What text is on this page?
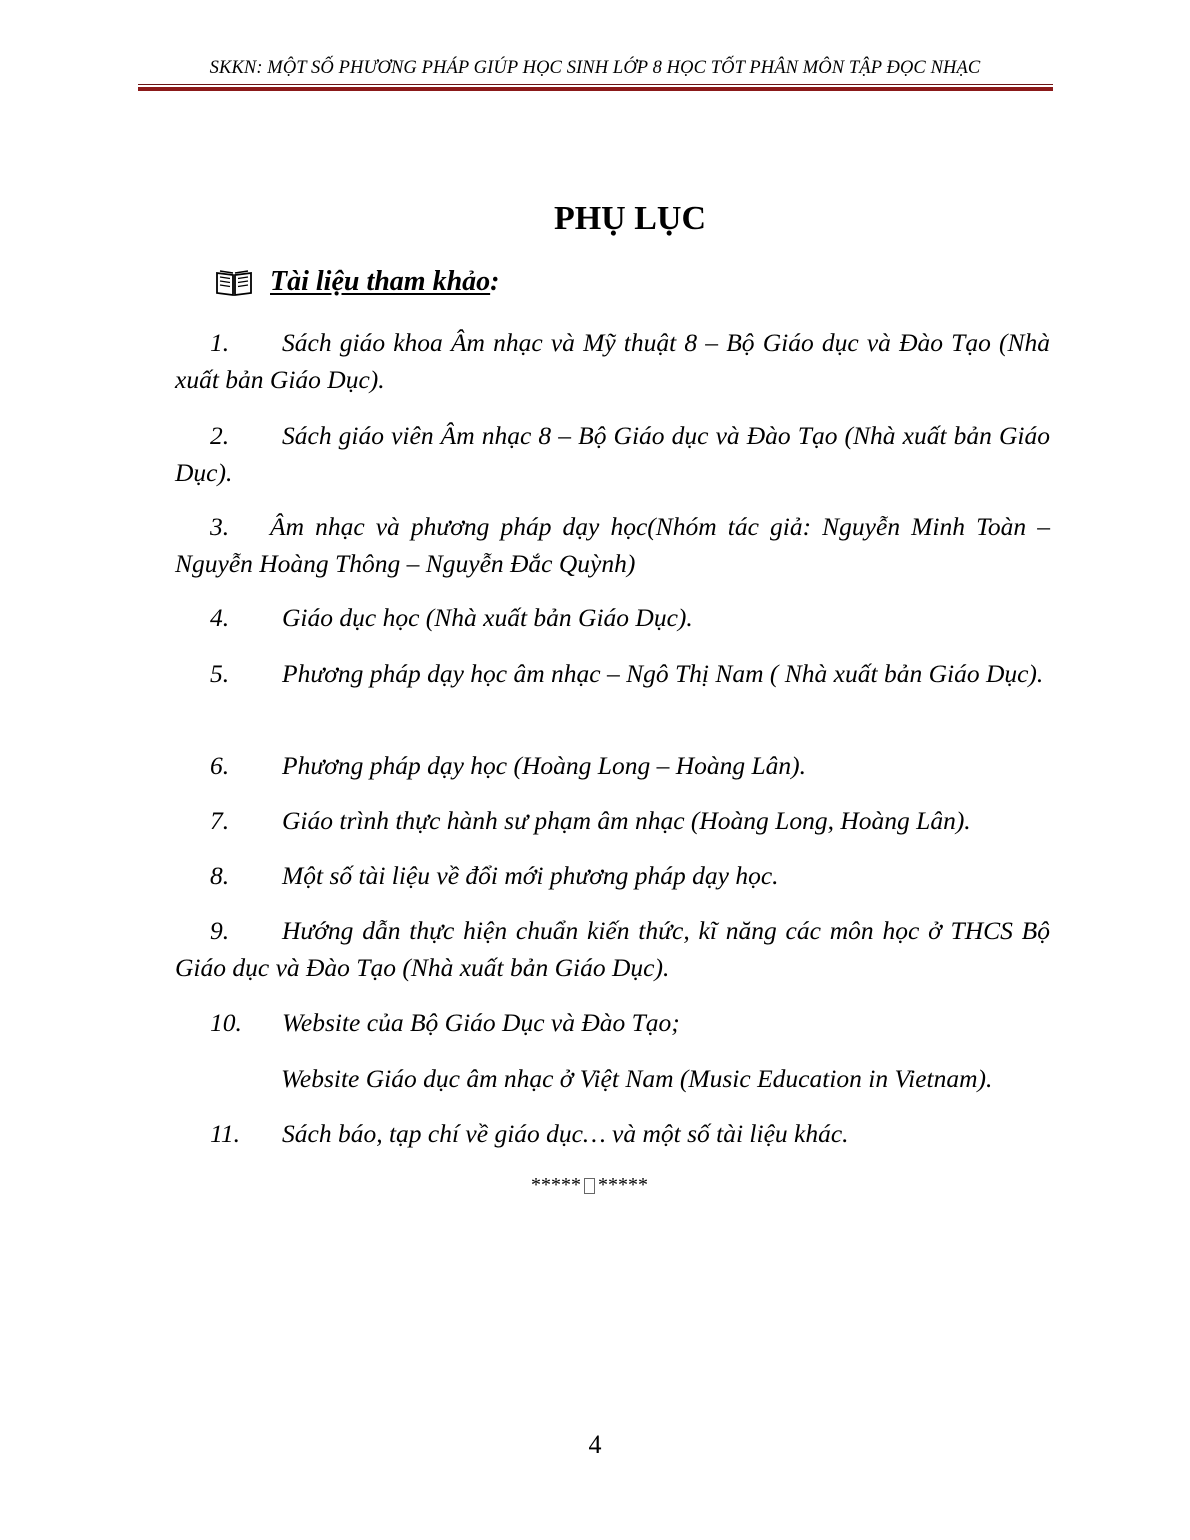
SKKN: MỘT SỐ PHƯƠNG PHÁP GIÚP HỌC SINH LỚP 8 HỌC TỐT PHÂN MÔN TẬP ĐỌC NHẠC
PHỤ LỤC
Tài liệu tham khảo:
1. Sách giáo khoa Âm nhạc và Mỹ thuật 8 – Bộ Giáo dục và Đào Tạo (Nhà xuất bản Giáo Dục).
2. Sách giáo viên Âm nhạc 8 – Bộ Giáo dục và Đào Tạo (Nhà xuất bản Giáo Dục).
3. Âm nhạc và phương pháp dạy học(Nhóm tác giả: Nguyễn Minh Toàn – Nguyễn Hoàng Thông – Nguyễn Đắc Quỳnh)
4. Giáo dục học (Nhà xuất bản Giáo Dục).
5. Phương pháp dạy học âm nhạc – Ngô Thị Nam ( Nhà xuất bản Giáo Dục).
6. Phương pháp dạy học (Hoàng Long – Hoàng Lân).
7. Giáo trình thực hành sư phạm âm nhạc (Hoàng Long, Hoàng Lân).
8. Một số tài liệu về đổi mới phương pháp dạy học.
9. Hướng dẫn thực hiện chuẩn kiến thức, kĩ năng các môn học ở THCS Bộ Giáo dục và Đào Tạo (Nhà xuất bản Giáo Dục).
10. Website của Bộ Giáo Dục và Đào Tạo;
Website Giáo dục âm nhạc ở Việt Nam (Music Education in Vietnam).
11. Sách báo, tạp chí về giáo dục… và một số tài liệu khác.
***** *****
4
